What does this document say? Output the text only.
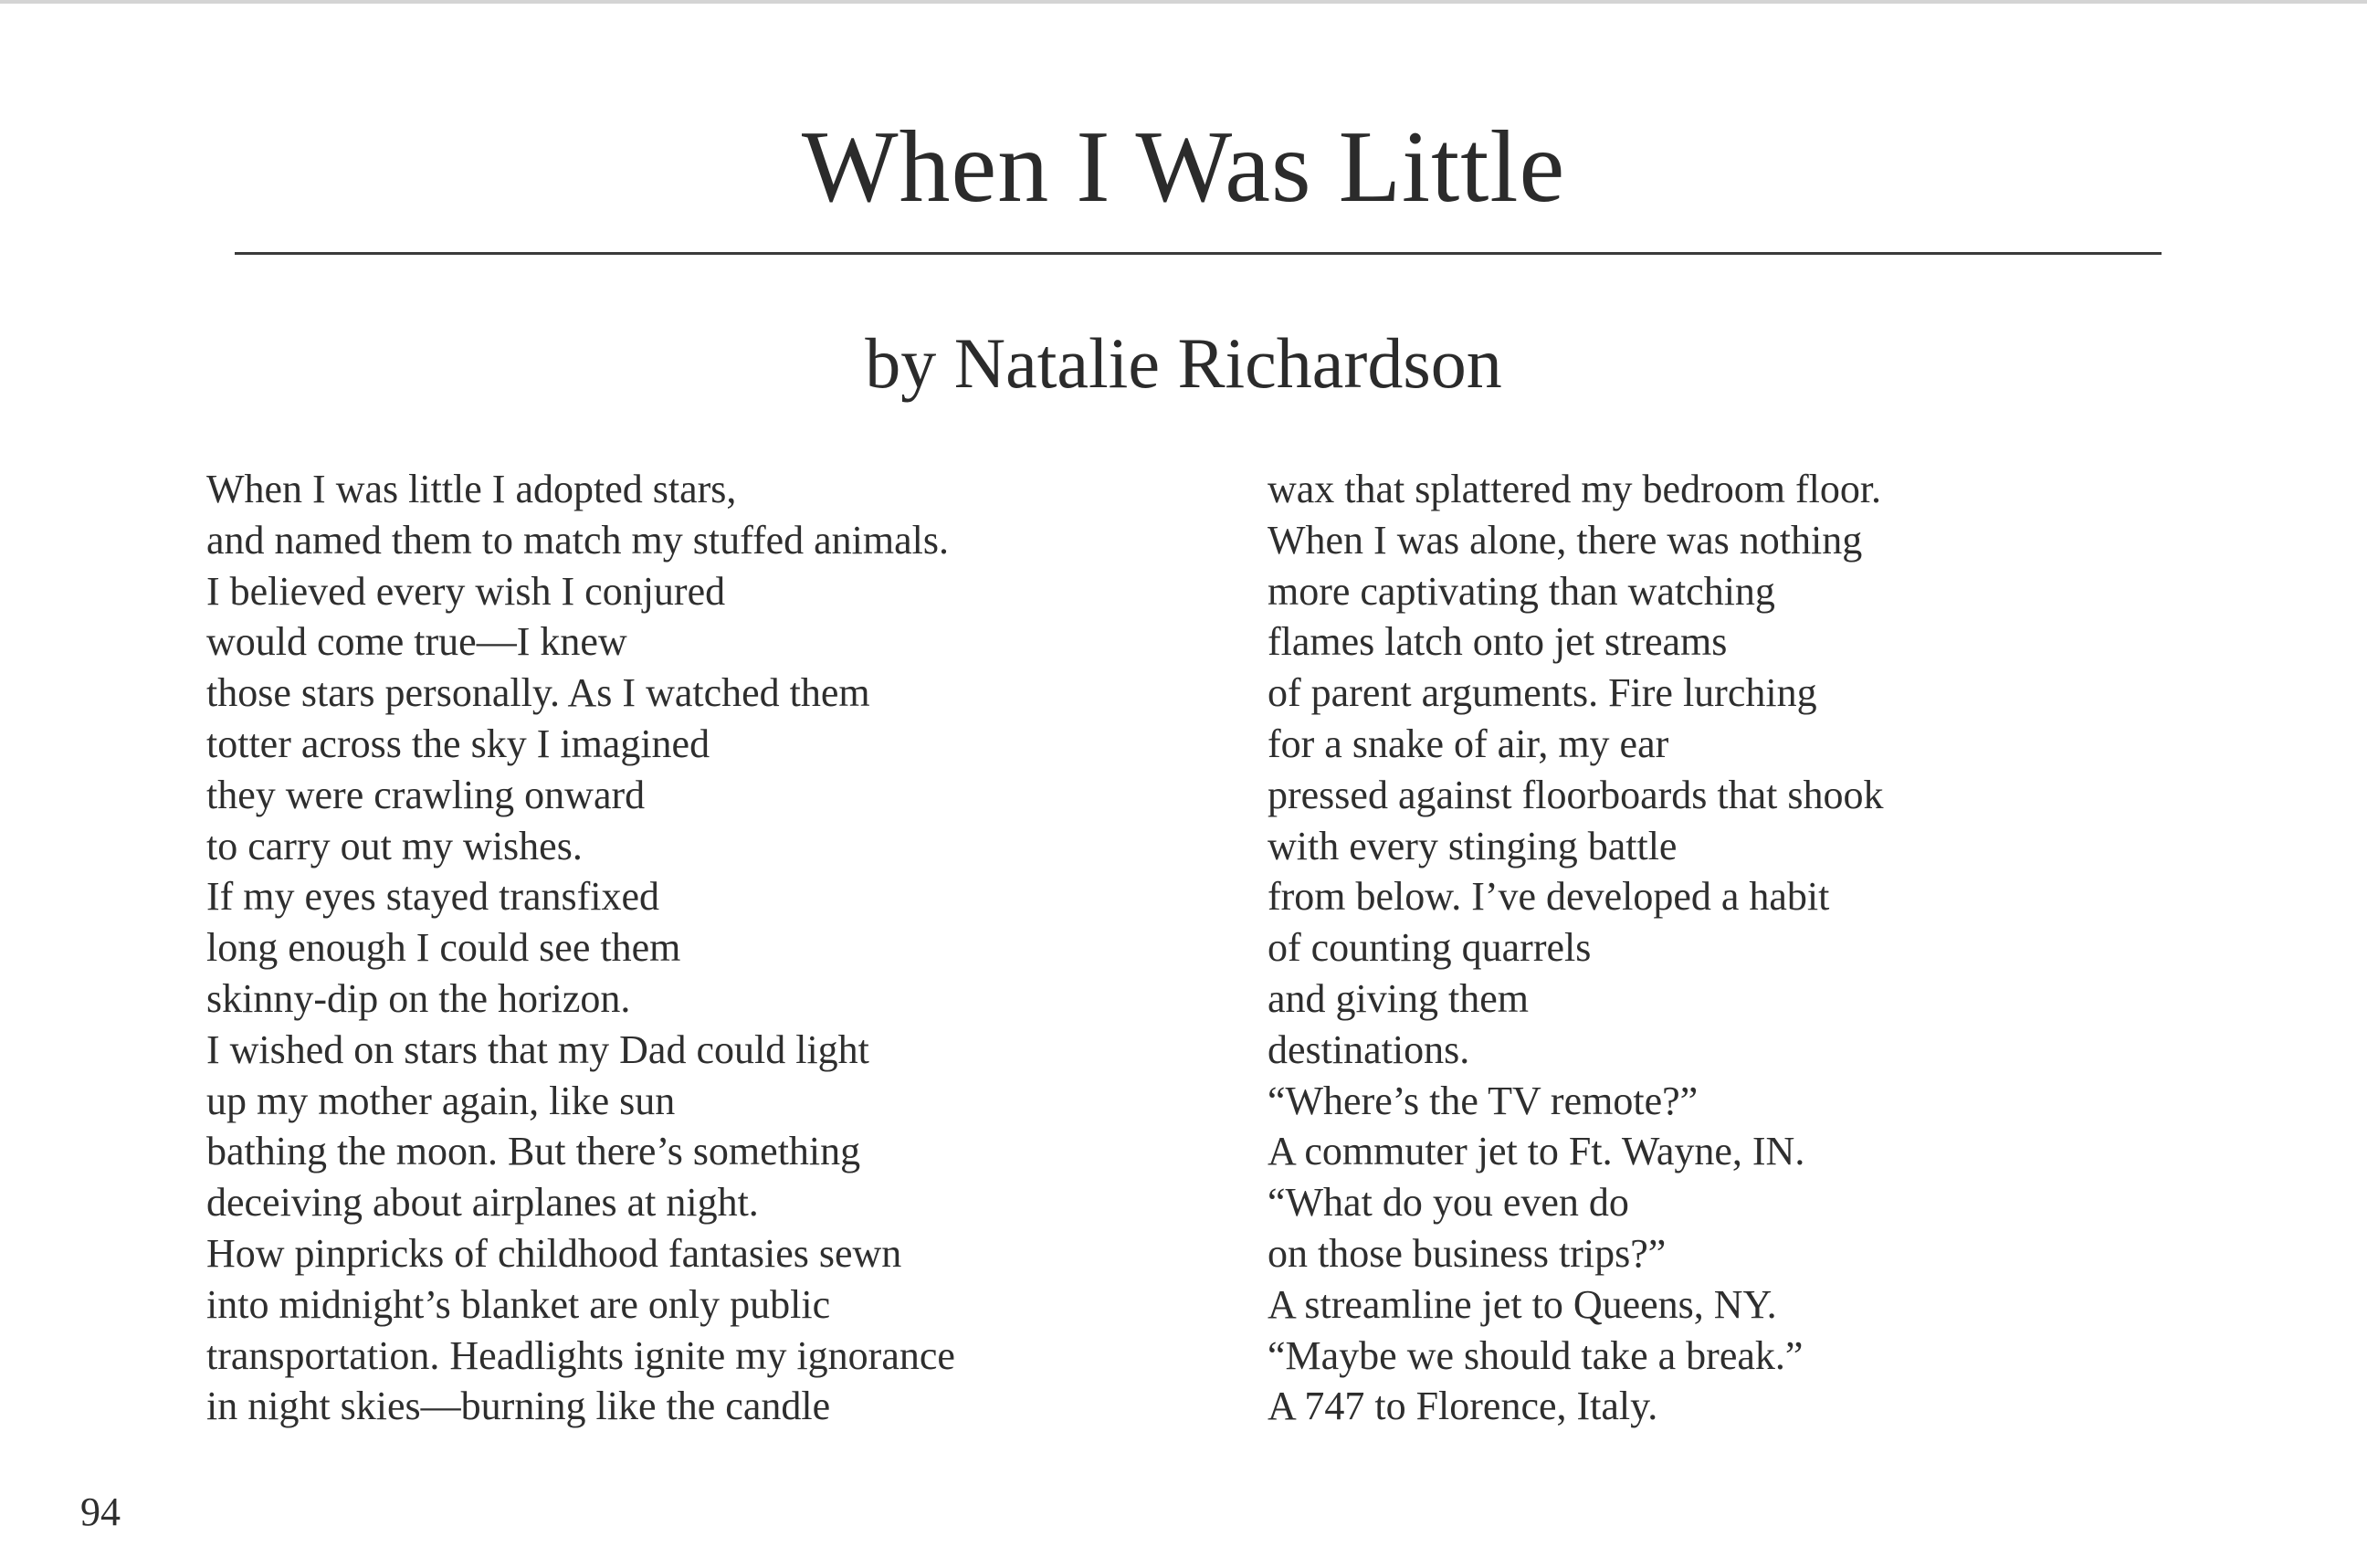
When I Was Little
by Natalie Richardson
When I was little I adopted stars,
and named them to match my stuffed animals.
I believed every wish I conjured
would come true—I knew
those stars personally. As I watched them
totter across the sky I imagined
they were crawling onward
to carry out my wishes.
If my eyes stayed transfixed
long enough I could see them
skinny-dip on the horizon.
I wished on stars that my Dad could light
up my mother again, like sun
bathing the moon. But there’s something
deceiving about airplanes at night.
How pinpricks of childhood fantasies sewn
into midnight’s blanket are only public
transportation. Headlights ignite my ignorance
in night skies—burning like the candle
wax that splattered my bedroom floor.
When I was alone, there was nothing
more captivating than watching
flames latch onto jet streams
of parent arguments. Fire lurching
for a snake of air, my ear
pressed against floorboards that shook
with every stinging battle
from below. I’ve developed a habit
of counting quarrels
and giving them
destinations.
“Where’s the TV remote?”
A commuter jet to Ft. Wayne, IN.
“What do you even do
on those business trips?”
A streamline jet to Queens, NY.
“Maybe we should take a break.”
A 747 to Florence, Italy.
94
